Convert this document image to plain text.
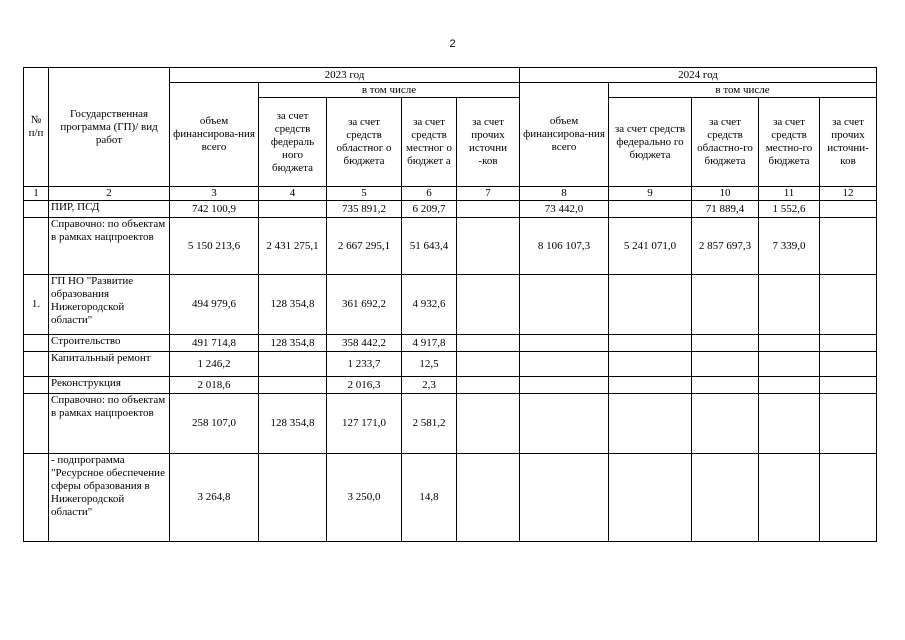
2
№ п/п	Государственная программа (ГП)/ вид работ	2023 год					2024 год				
		объем финансирова-ния всего	в том числе				объем финансирова-ния всего	в том числе			
			за счет средств федераль ного бюджета	за счет средств областног о бюджета	за счет средств местног о бюджет а	за счет прочих источни -ков		за счет средств федерально го бюджета	за счет средств областно-го бюджета	за счет средств местно-го бюджета	за счет прочих источни-ков
1	2	3	4	5	6	7	8	9	10	11	12
	ПИР, ПСД	742 100,9		735 891,2	6 209,7		73 442,0		71 889,4	1 552,6	
	Справочно: по объектам в рамках нацпроектов	5 150 213,6	2 431 275,1	2 667 295,1	51 643,4		8 106 107,3	5 241 071,0	2 857 697,3	7 339,0	
1.	ГП НО "Развитие образования Нижегородской области"	494 979,6	128 354,8	361 692,2	4 932,6						
	Строительство	491 714,8	128 354,8	358 442,2	4 917,8						
	Капитальный ремонт	1 246,2		1 233,7	12,5						
	Реконструкция	2 018,6		2 016,3	2,3						
	Справочно: по объектам в рамках нацпроектов	258 107,0	128 354,8	127 171,0	2 581,2						
	- подпрограмма "Ресурсное обеспечение сферы образования в Нижегородской области"	3 264,8		3 250,0	14,8						
